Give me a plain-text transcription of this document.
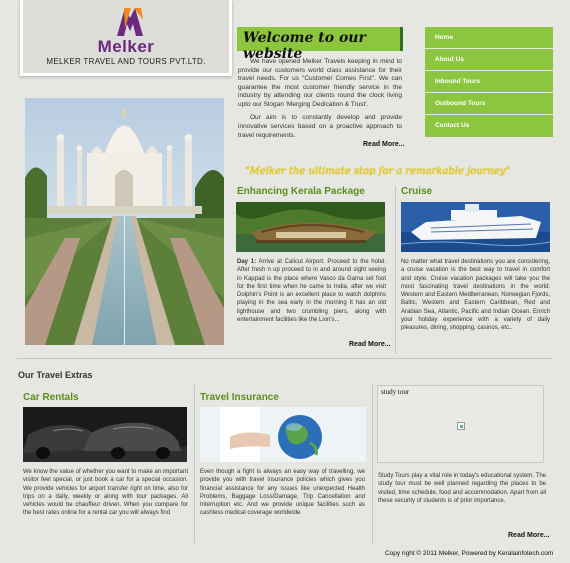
Melker
MELKER TRAVEL AND TOURS PVT.LTD.
Welcome to our website

We have opened Melker Travels keeping in mind to provide our customers world class assistance for their travel needs. For us "Customer Comes First". We can guarantee the most customer friendly service in the industry by attending our clients round the clock living upto our Slogan 'Merging Dedication & Trust'.

Our aim is to constantly develop and provide innovative services based on a proactive approach to travel requirements.

Read More...
Home
About Us
Inbound Tours
Outbound Tours
Contact Us
"Melker the ultimate stop for a remarkable journey"
Enhancing Kerala Package
Day 1: Arrive at Calicut Airport. Proceed to the hotel. After fresh n up proceed to in and around sight seeing in Kappad is the place where Vasco da Gama set foot for the first time when he came to India, after we visit Dolphin's Point is an excellent place to watch dolphins playing in the sea early in the morning It has an old lighthouse and two crumbling piers, along with entertainment facilities like the Lion's...
Read More...
Cruise
No matter what travel destinations you are considering, a cruise vacation is the best way to travel in comfort and style. Cruise vacation packages will take you the most fascinating travel destinations in the world: Western and Eastern Mediterranean, Norwegian Fjords, Baltic, Western and Eastern Caribbean, Red and Arabian Sea, Atlantic, Pacific and Indian Ocean. Enrich your holiday experience with a variety of daily pleasures, dining, shopping, casinos, etc..
Our Travel Extras
Car Rentals
We know the value of whether you want to make an important visitor feel special, or just book a car for a special occasion. We provide vehicles for airport transfer right on time, also for trips on a daily, weekly or along with tour packages. All vehicles would be chauffeur driven. When you compare for the best rates online for a rental car you will always find
Travel Insurance
Even though a fight is always an easy way of travelling, we provide you with travel insurance policies which gives you financial assistance for any issues like unexpected Health Problems, Baggage Loss/Damage, Trip Cancellation and Interruption etc. And we provide unique facilities such as cashless medical coverage worldwide
study tour
Study Tours play a vital role in today's educational system. The study tour must be well planned regarding the places to be visited, time schedule, food and accommodation. Apart from all these security of students is of prior importance.
Read More...
Copy right © 2011 Melker, Powered by Keralainfotech.com
